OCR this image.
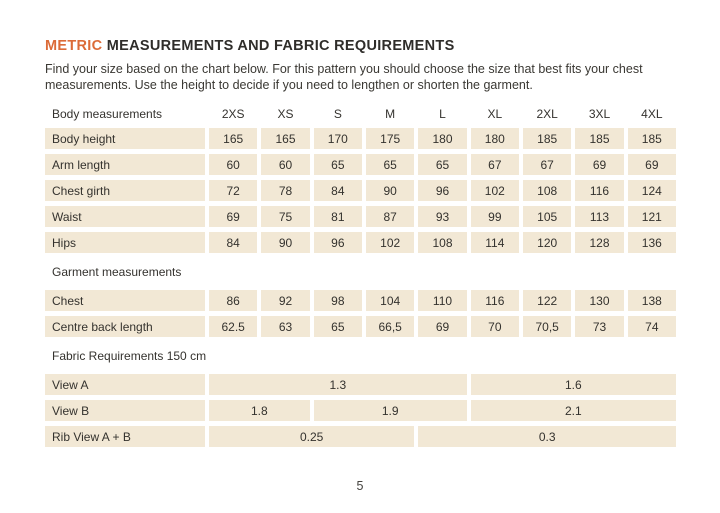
METRIC MEASUREMENTS AND FABRIC REQUIREMENTS
Find your size based on the chart below. For this pattern you should choose the size that best fits your chest
measurements. Use the height to decide if you need to lengthen or shorten the garment.
Body measurements	2XS	XS	S	M	L	XL	2XL	3XL	4XL
Body height	165	165	170	175	180	180	185	185	185
Arm length	60	60	65	65	65	67	67	69	69
Chest girth	72	78	84	90	96	102	108	116	124
Waist	69	75	81	87	93	99	105	113	121
Hips	84	90	96	102	108	114	120	128	136
Garment measurements
Chest	86	92	98	104	110	116	122	130	138
Centre back length	62.5	63	65	66,5	69	70	70,5	73	74
Fabric Requirements 150 cm
View A	1.3	1.6
View B	1.8	1.9	2.1
Rib View A + B	0.25	0.3
5
